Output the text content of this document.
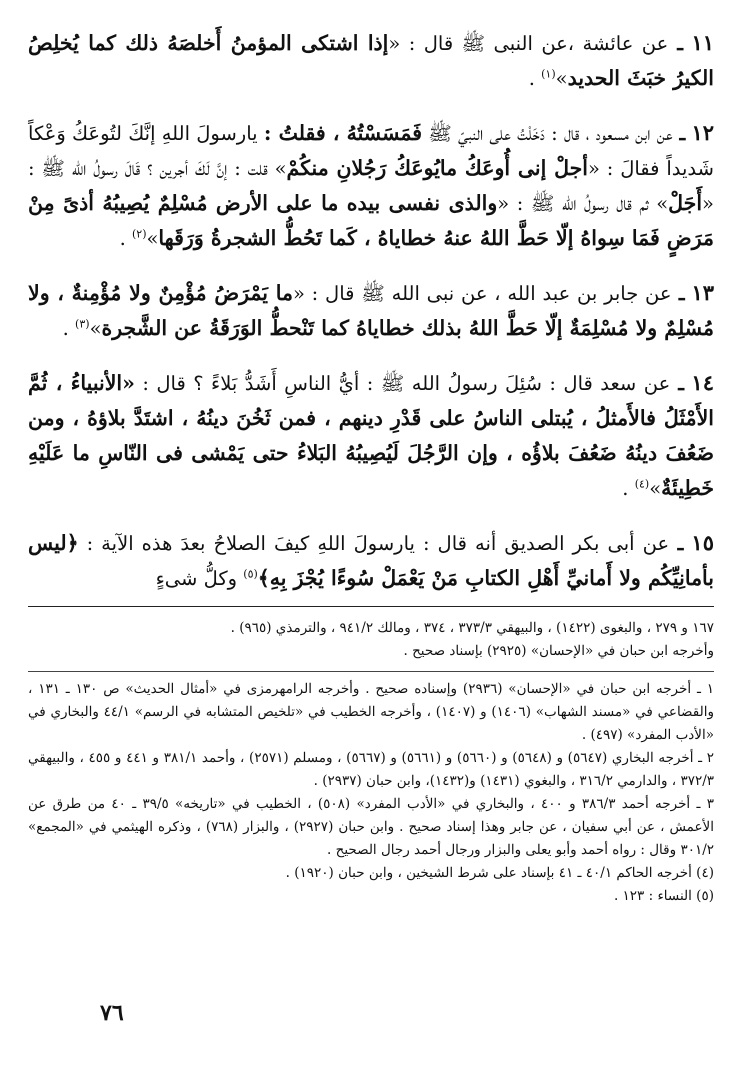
١١ ـ عن عائشة ،عن النبى ﷺ قال : «إذا اشتكى المؤمنُ أَخلصَهُ ذلك كما يُخلِصُ الكيرُ خبَثَ الحديد»$^{(١)}$ .

١٢ ـ عن ابن مسعود ، قال : دَخَلْتُ على النبيّ ﷺ فَمَسَسْتُهُ ، فقلتُ : يارسولَ اللهِ إنَّكَ لتُوعَكُ وَعْكاً شَديداً فقالَ : «أجلْ إنى أُوعَكُ مايُوعَكُ رَجُلانِ منكُمْ» قلت : إنَّ لَكَ أجرين ؟ قَالَ رسولُ الله ﷺ : «أَجَلْ» ثم قال رسولُ الله ﷺ : «والذى نفسى بيده ما على الأرض مُسْلِمٌ يُصِيبُهُ أذىً مِنْ مَرَضٍ فَمَا سِواهُ إلّا حَطَّ اللهُ عنهُ خطاياهُ ، كَما تَحُطُّ الشجرةُ وَرَقَها»$^{(٢)}$ .

١٣ ـ عن جابر بن عبد الله ، عن نبى الله ﷺ قال : «ما يَمْرَضُ مُؤْمِنٌ ولا مُؤْمِنةٌ ، ولا مُسْلِمٌ ولا مُسْلِمَةٌ إلّا حَطَّ اللهُ بذلك خطاياهُ كما تَنْحطُّ الوَرَقَةُ عن الشَّجرة»$^{(٣)}$ .

١٤ ـ عن سعد قال : سُئِلَ رسولُ الله ﷺ : أيُّ الناسِ أَشَدُّ بَلاءً ؟ قال : «الأنبياءُ ، ثُمَّ الأَمْثَلُ فالأَمثلُ ، يُبتلى الناسُ على قَدْرِ دينهم ، فمن ثَخُنَ دينُهُ ، اشتَدَّ بلاؤهُ ، ومن ضَعُفَ دينُهُ ضَعُفَ بلاؤُه ، وإن الرَّجُلَ لَيُصِيبُهُ البَلاءُ حتى يَمْشى فى النّاسِ ما عَلَيْهِ خَطِيئَةٌ»$^{(٤)}$ .

١٥ ـ عن أبى بكر الصديق أنه قال : يارسولَ اللهِ كيفَ الصلاحُ بعدَ هذه الآية : ﴿ليس بأمانِيِّكُم ولا أَمانيِّ أَهْلِ الكتابِ مَنْ يَعْمَلْ سُوءًا يُجْزَ بِهِ﴾$^{(٥)}$ وكلُّ شىءٍ

١٦٧ و ٢٧٩ ، والبغوى (١٤٢٢) ، والبيهقي ٣٧٣/٣ ، ٣٧٤ ، ومالك ٩٤١/٢ ، والترمذي (٩٦٥) .

وأخرجه ابن حبان في «الإحسان» (٢٩٢٥) بإسناد صحيح .

١ ـ أخرجه ابن حبان في «الإحسان» (٢٩٣٦) وإسناده صحيح . وأخرجه الرامهرمزى في «أمثال الحديث» ص ١٣٠ ـ ١٣١ ، والقضاعي في «مسند الشهاب» (١٤٠٦) و (١٤٠٧) ، وأخرجه الخطيب في «تلخيص المتشابه في الرسم» ٤٤/١ والبخاري في «الأدب المفرد» (٤٩٧) .

٢ ـ أخرجه البخاري (٥٦٤٧) و (٥٦٤٨) و (٥٦٦٠) و (٥٦٦١) و (٥٦٦٧) ، ومسلم (٢٥٧١) ، وأحمد ٣٨١/١ و ٤٤١ و ٤٥٥ ، والبيهقي ٣٧٢/٣ ، والدارمي ٣١٦/٢ ، والبغوي (١٤٣١) و(١٤٣٢)، وابن حبان (٢٩٣٧) .

٣ ـ أخرجه أحمد ٣٨٦/٣ و ٤٠٠ ، والبخاري في «الأدب المفرد» (٥٠٨) ، الخطيب في «تاريخه» ٣٩/٥ ـ ٤٠ من طرق عن الأعمش ، عن أبي سفيان ، عن جابر وهذا إسناد صحيح . وابن حبان (٢٩٢٧) ، والبزار (٧٦٨) ، وذكره الهيثمي في «المجمع» ٣٠١/٢ وقال : رواه أحمد وأبو يعلى والبزار ورجال أحمد رجال الصحيح .

(٤) أخرجه الحاكم ٤٠/١ ـ ٤١ بإسناد على شرط الشيخين ، وابن حبان (١٩٢٠) .

(٥) النساء : ١٢٣ .

٧٦
